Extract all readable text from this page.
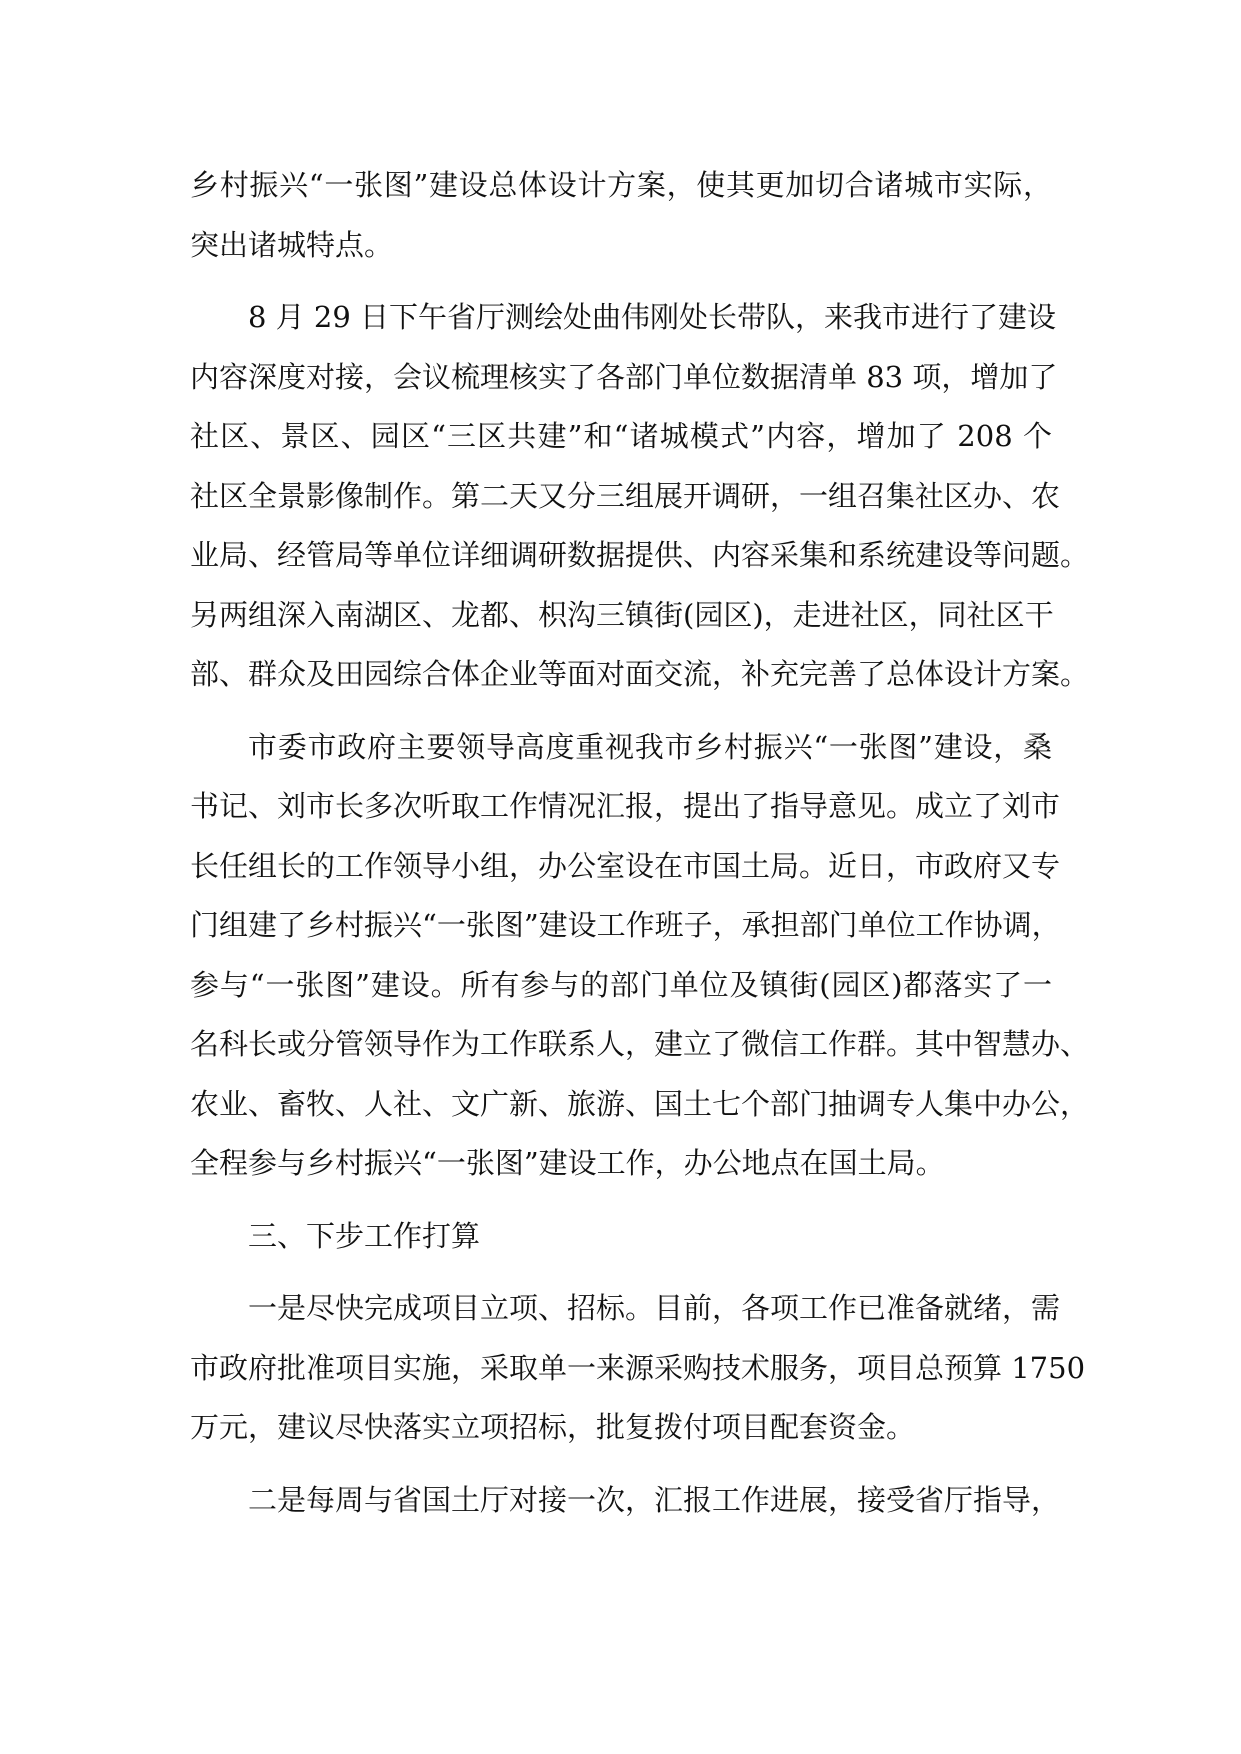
乡村振兴“一张图”建设总体设计方案，使其更加切合诸城市实际，
突出诸城特点。
8 月 29 日下午省厅测绘处曲伟刚处长带队，来我市进行了建设
内容深度对接，会议梳理核实了各部门单位数据清单 83 项，增加了
社区、景区、园区“三区共建”和“诸城模式”内容，增加了 208 个
社区全景影像制作。第二天又分三组展开调研，一组召集社区办、农
业局、经管局等单位详细调研数据提供、内容采集和系统建设等问题。
另两组深入南湖区、龙都、枳沟三镇街(园区)，走进社区，同社区干
部、群众及田园综合体企业等面对面交流，补充完善了总体设计方案。
市委市政府主要领导高度重视我市乡村振兴“一张图”建设，桑
书记、刘市长多次听取工作情况汇报，提出了指导意见。成立了刘市
长任组长的工作领导小组，办公室设在市国土局。近日，市政府又专
门组建了乡村振兴“一张图”建设工作班子，承担部门单位工作协调，
参与“一张图”建设。所有参与的部门单位及镇街(园区)都落实了一
名科长或分管领导作为工作联系人，建立了微信工作群。其中智慧办、
农业、畜牧、人社、文广新、旅游、国土七个部门抽调专人集中办公，
全程参与乡村振兴“一张图”建设工作，办公地点在国土局。
三、下步工作打算
一是尽快完成项目立项、招标。目前，各项工作已准备就绪，需
市政府批准项目实施，采取单一来源采购技术服务，项目总预算 1750
万元，建议尽快落实立项招标，批复拨付项目配套资金。
二是每周与省国土厅对接一次，汇报工作进展，接受省厅指导，
